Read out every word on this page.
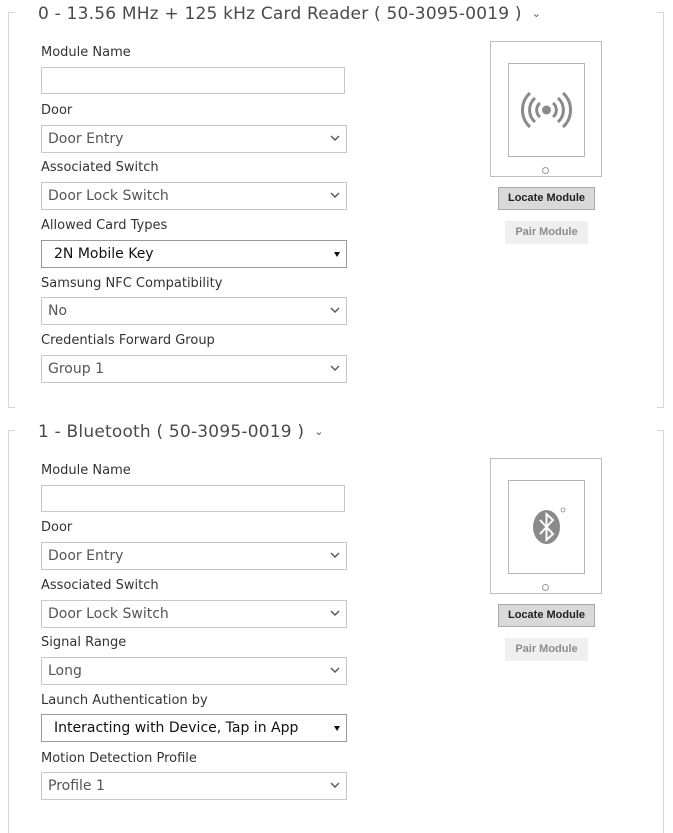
0 - 13.56 MHz + 125 kHz Card Reader ( 50-3095-0019 ) ⌄
Module Name
Door
Door Entry
Associated Switch
Door Lock Switch
Allowed Card Types
2N Mobile Key
Samsung NFC Compatibility
No
Credentials Forward Group
Group 1
Locate Module
Pair Module
1 - Bluetooth ( 50-3095-0019 ) ⌄
Module Name
Door
Door Entry
Associated Switch
Door Lock Switch
Signal Range
Long
Launch Authentication by
Interacting with Device, Tap in App
Motion Detection Profile
Profile 1
Locate Module
Pair Module
